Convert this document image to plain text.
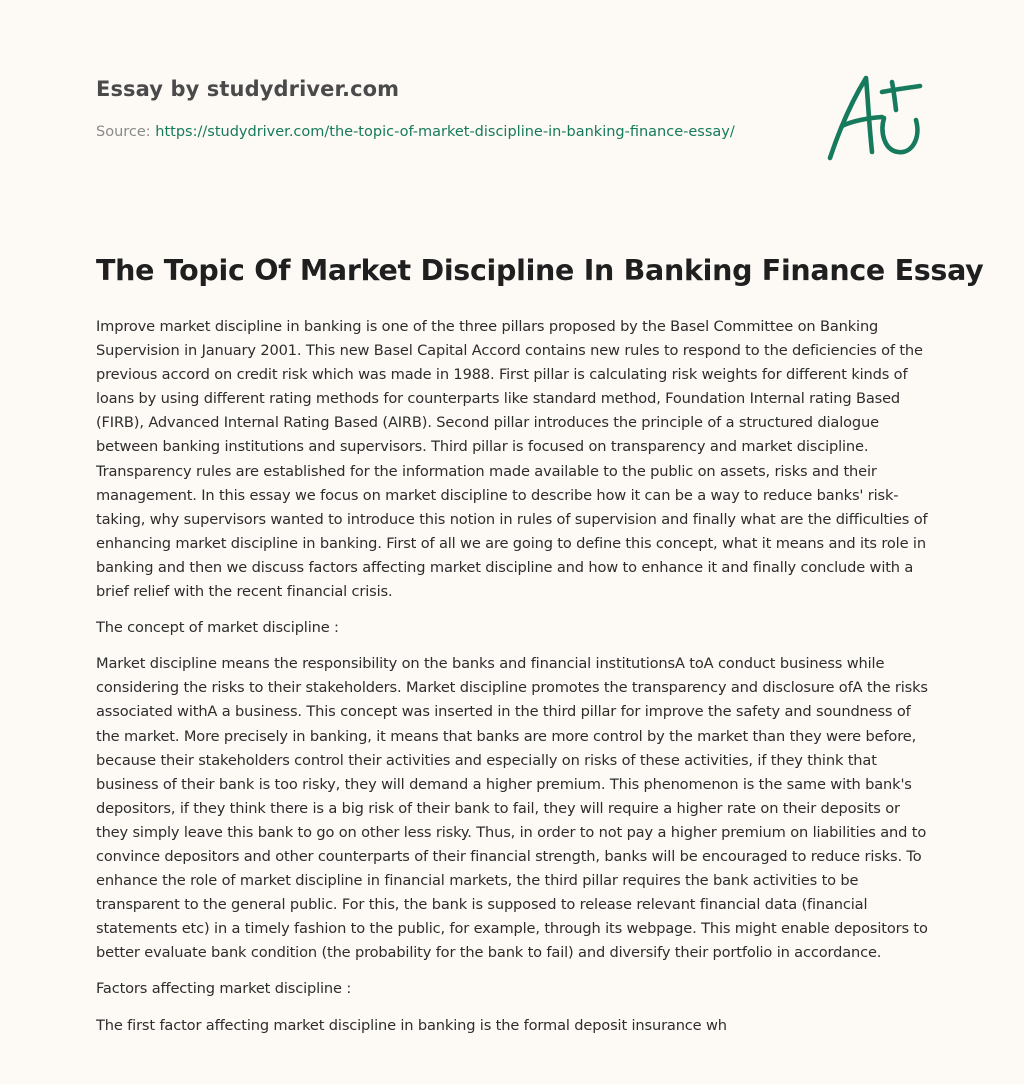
Essay by studydriver.com
Source: https://studydriver.com/the-topic-of-market-discipline-in-banking-finance-essay/
The Topic Of Market Discipline In Banking Finance Essay

Improve market discipline in banking is one of the three pillars proposed by the Basel Committee on Banking Supervision in January 2001. This new Basel Capital Accord contains new rules to respond to the deficiencies of the previous accord on credit risk which was made in 1988. First pillar is calculating risk weights for different kinds of loans by using different rating methods for counterparts like standard method, Foundation Internal rating Based (FIRB), Advanced Internal Rating Based (AIRB). Second pillar introduces the principle of a structured dialogue between banking institutions and supervisors. Third pillar is focused on transparency and market discipline. Transparency rules are established for the information made available to the public on assets, risks and their management. In this essay we focus on market discipline to describe how it can be a way to reduce banks' risk-taking, why supervisors wanted to introduce this notion in rules of supervision and finally what are the difficulties of enhancing market discipline in banking. First of all we are going to define this concept, what it means and its role in banking and then we discuss factors affecting market discipline and how to enhance it and finally conclude with a brief relief with the recent financial crisis.

The concept of market discipline :

Market discipline means the responsibility on the banks and financial institutionsA toA conduct business while considering the risks to their stakeholders. Market discipline promotes the transparency and disclosure ofA the risks associated withA a business. This concept was inserted in the third pillar for improve the safety and soundness of the market. More precisely in banking, it means that banks are more control by the market than they were before, because their stakeholders control their activities and especially on risks of these activities, if they think that business of their bank is too risky, they will demand a higher premium. This phenomenon is the same with bank's depositors, if they think there is a big risk of their bank to fail, they will require a higher rate on their deposits or they simply leave this bank to go on other less risky. Thus, in order to not pay a higher premium on liabilities and to convince depositors and other counterparts of their financial strength, banks will be encouraged to reduce risks. To enhance the role of market discipline in financial markets, the third pillar requires the bank activities to be transparent to the general public. For this, the bank is supposed to release relevant financial data (financial statements etc) in a timely fashion to the public, for example, through its webpage. This might enable depositors to better evaluate bank condition (the probability for the bank to fail) and diversify their portfolio in accordance.

Factors affecting market discipline :

The first factor affecting market discipline in banking is the formal deposit insurance wh
